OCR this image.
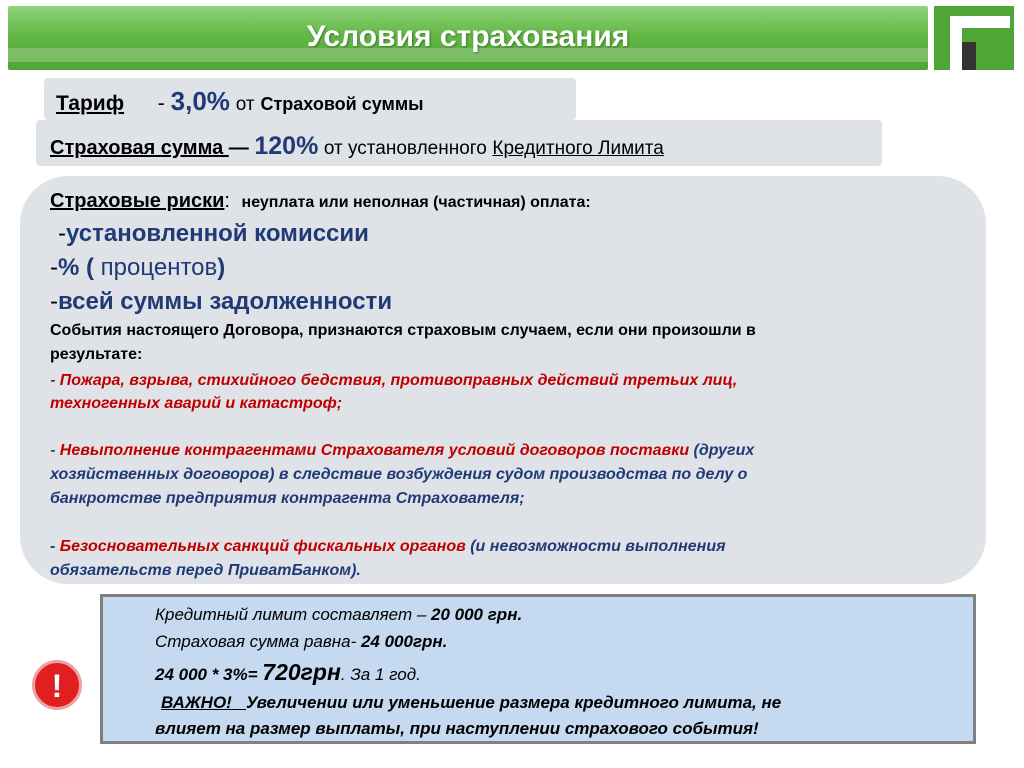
Условия страхования
Тариф - 3,0% от Страховой суммы
Страховая сумма — 120% от установленного Кредитного Лимита
Страховые риски: неуплата или неполная (частичная) оплата:
-установленной комиссии
-% ( процентов)
-всей суммы задолженности
События настоящего Договора, признаются страховым случаем, если они произошли в
результате:
- Пожара, взрыва, стихийного бедствия, противоправных действий третьих лиц,
техногенных аварий и катастроф;
- Невыполнение контрагентами Страхователя условий договоров поставки (других
хозяйственных договоров) в следствие возбуждения судом производства по делу о
банкротстве предприятия контрагента Страхователя;
- Безосновательных санкций фискальных органов (и невозможности выполнения
обязательств перед ПриватБанком).
!
Кредитный лимит составляет – 20 000 грн.
Страховая сумма равна- 24 000грн.
24 000 * 3%= 720грн. За 1 год.
ВАЖНО! Увеличении или уменьшение размера кредитного лимита, не
влияет на размер выплаты, при наступлении страхового события!
